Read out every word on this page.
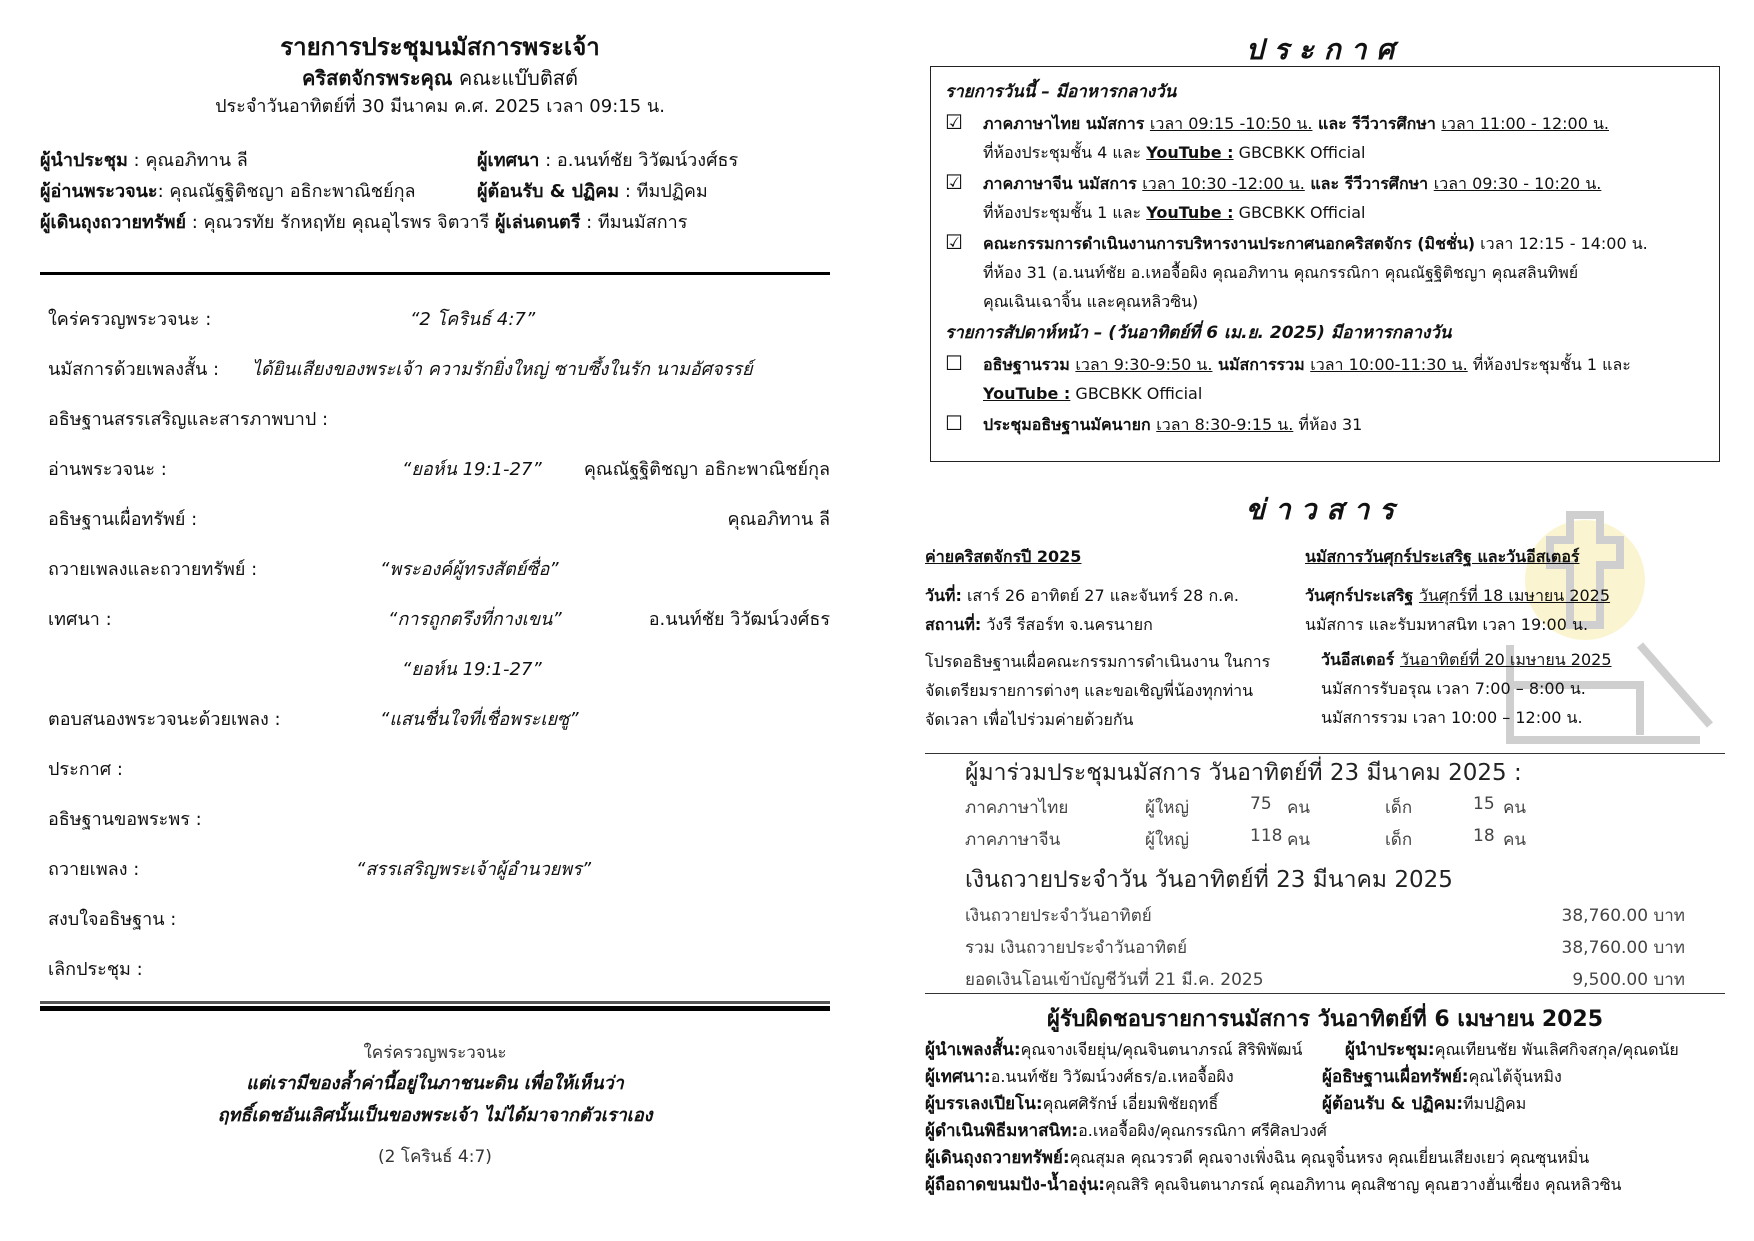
รายการประชุมนมัสการพระเจ้า
คริสตจักรพระคุณ คณะแบ๊บติสต์
ประจำวันอาทิตย์ที่ 30 มีนาคม ค.ศ. 2025 เวลา 09:15 น.
ผู้นำประชุม : คุณอภิทาน ลี	ผู้เทศนา : อ.นนท์ชัย วิวัฒน์วงศ์ธร
ผู้อ่านพระวจนะ: คุณณัฐฐิติชญา อธิกะพาณิชย์กุล	ผู้ต้อนรับ & ปฏิคม : ทีมปฏิคม
ผู้เดินถุงถวายทรัพย์ : คุณวรทัย รักหฤทัย คุณอุไรพร จิตวารี ผู้เล่นดนตรี : ทีมนมัสการ
ใคร่ครวญพระวจนะ :	“2 โครินธ์ 4:7”
นมัสการด้วยเพลงสั้น : ได้ยินเสียงของพระเจ้า ความรักยิ่งใหญ่ ซาบซึ้งในรัก นามอัศจรรย์
อธิษฐานสรรเสริญและสารภาพบาป :
อ่านพระวจนะ :	“ยอห์น 19:1-27” คุณณัฐฐิติชญา อธิกะพาณิชย์กุล
อธิษฐานเผื่อทรัพย์ :	คุณอภิทาน ลี
ถวายเพลงและถวายทรัพย์ :	“พระองค์ผู้ทรงสัตย์ซื่อ”
เทศนา :	“การถูกตรึงที่กางเขน”	อ.นนท์ชัย วิวัฒน์วงศ์ธร
“ยอห์น 19:1-27”
ตอบสนองพระวจนะด้วยเพลง :	“แสนชื่นใจที่เชื่อพระเยซู”
ประกาศ :
อธิษฐานขอพระพร :
ถวายเพลง :	“สรรเสริญพระเจ้าผู้อำนวยพร”
สงบใจอธิษฐาน :
เลิกประชุม :
ใคร่ครวญพระวจนะ
แต่เรามีของล้ำค่านี้อยู่ในภาชนะดิน เพื่อให้เห็นว่า
ฤทธิ์เดชอันเลิศนั้นเป็นของพระเจ้า ไม่ได้มาจากตัวเราเอง
(2 โครินธ์ 4:7)
ประกาศ
รายการวันนี้ – มีอาหารกลางวัน
☑	ภาคภาษาไทย นมัสการ เวลา 09:15 -10:50 น. และ รีวีวารศึกษา เวลา 11:00 - 12:00 น.
ที่ห้องประชุมชั้น 4 และ YouTube : GBCBKK Official
☑	ภาคภาษาจีน นมัสการ เวลา 10:30 -12:00 น. และ รีวีวารศึกษา เวลา 09:30 - 10:20 น.
ที่ห้องประชุมชั้น 1 และ YouTube : GBCBKK Official
☑	คณะกรรมการดำเนินงานการบริหารงานประกาศนอกคริสตจักร (มิชชั่น) เวลา 12:15 - 14:00 น.
ที่ห้อง 31 (อ.นนท์ชัย อ.เหอจื้อผิง คุณอภิทาน คุณกรรณิกา คุณณัฐฐิติชญา คุณสลินทิพย์
คุณเฉินเฉาจิ้น และคุณหลิวซิน)
รายการสัปดาห์หน้า – (วันอาทิตย์ที่ 6 เม.ย. 2025) มีอาหารกลางวัน
☐	อธิษฐานรวม เวลา 9:30-9:50 น. นมัสการรวม เวลา 10:00-11:30 น. ที่ห้องประชุมชั้น 1 และ
YouTube : GBCBKK Official
☐	ประชุมอธิษฐานมัคนายก เวลา 8:30-9:15 น. ที่ห้อง 31
ข่าวสาร
ค่ายคริสตจักรปี 2025
วันที่: เสาร์ 26 อาทิตย์ 27 และจันทร์ 28 ก.ค.
สถานที่: วังรี รีสอร์ท จ.นครนายก
โปรดอธิษฐานเผื่อคณะกรรมการดำเนินงาน ในการ
จัดเตรียมรายการต่างๆ และขอเชิญพี่น้องทุกท่าน
จัดเวลา เพื่อไปร่วมค่ายด้วยกัน
นมัสการวันศุกร์ประเสริฐ และวันอีสเตอร์
วันศุกร์ประเสริฐ วันศุกร์ที่ 18 เมษายน 2025
นมัสการ และรับมหาสนิท เวลา 19:00 น.
วันอีสเตอร์ วันอาทิตย์ที่ 20 เมษายน 2025
นมัสการรับอรุณ เวลา 7:00 – 8:00 น.
นมัสการรวม เวลา 10:00 – 12:00 น.
ผู้มาร่วมประชุมนมัสการ วันอาทิตย์ที่ 23 มีนาคม 2025 :
ภาคภาษาไทย	ผู้ใหญ่	75 คน	เด็ก	15 คน
ภาคภาษาจีน	ผู้ใหญ่	118 คน	เด็ก	18 คน
เงินถวายประจำวัน วันอาทิตย์ที่ 23 มีนาคม 2025
เงินถวายประจำวันอาทิตย์	38,760.00 บาท
รวม เงินถวายประจำวันอาทิตย์	38,760.00 บาท
ยอดเงินโอนเข้าบัญชีวันที่ 21 มี.ค. 2025	9,500.00 บาท
ผู้รับผิดชอบรายการนมัสการ วันอาทิตย์ที่ 6 เมษายน 2025
ผู้นำเพลงสั้น: คุณจางเจียยุ่น/คุณจินตนาภรณ์ สิริพิพัฒน์	ผู้นำประชุม: คุณเทียนชัย พันเลิศกิจสกุล/คุณดนัย
ผู้เทศนา: อ.นนท์ชัย วิวัฒน์วงศ์ธร/อ.เหอจื้อผิง	ผู้อธิษฐานเผื่อทรัพย์: คุณไต้จุ้นหมิง
ผู้บรรเลงเปียโน: คุณศศิรักษ์ เอี่ยมพิชัยฤทธิ์	ผู้ต้อนรับ & ปฏิคม: ทีมปฏิคม
ผู้ดำเนินพิธีมหาสนิท: อ.เหอจื้อผิง/คุณกรรณิกา ศรีศิลปวงศ์
ผู้เดินถุงถวายทรัพย์: คุณสุมล คุณวรวดี คุณจางเพิ่งฉิน คุณจูจิ๋นหรง คุณเยี่ยนเสียงเยว่ คุณซุนหมิ่น
ผู้ถือถาดขนมปัง-น้ำองุ่น: คุณสิริ คุณจินตนาภรณ์ คุณอภิทาน คุณสิชาญ คุณฮวางฮั่นเซี่ยง คุณหลิวซิน
